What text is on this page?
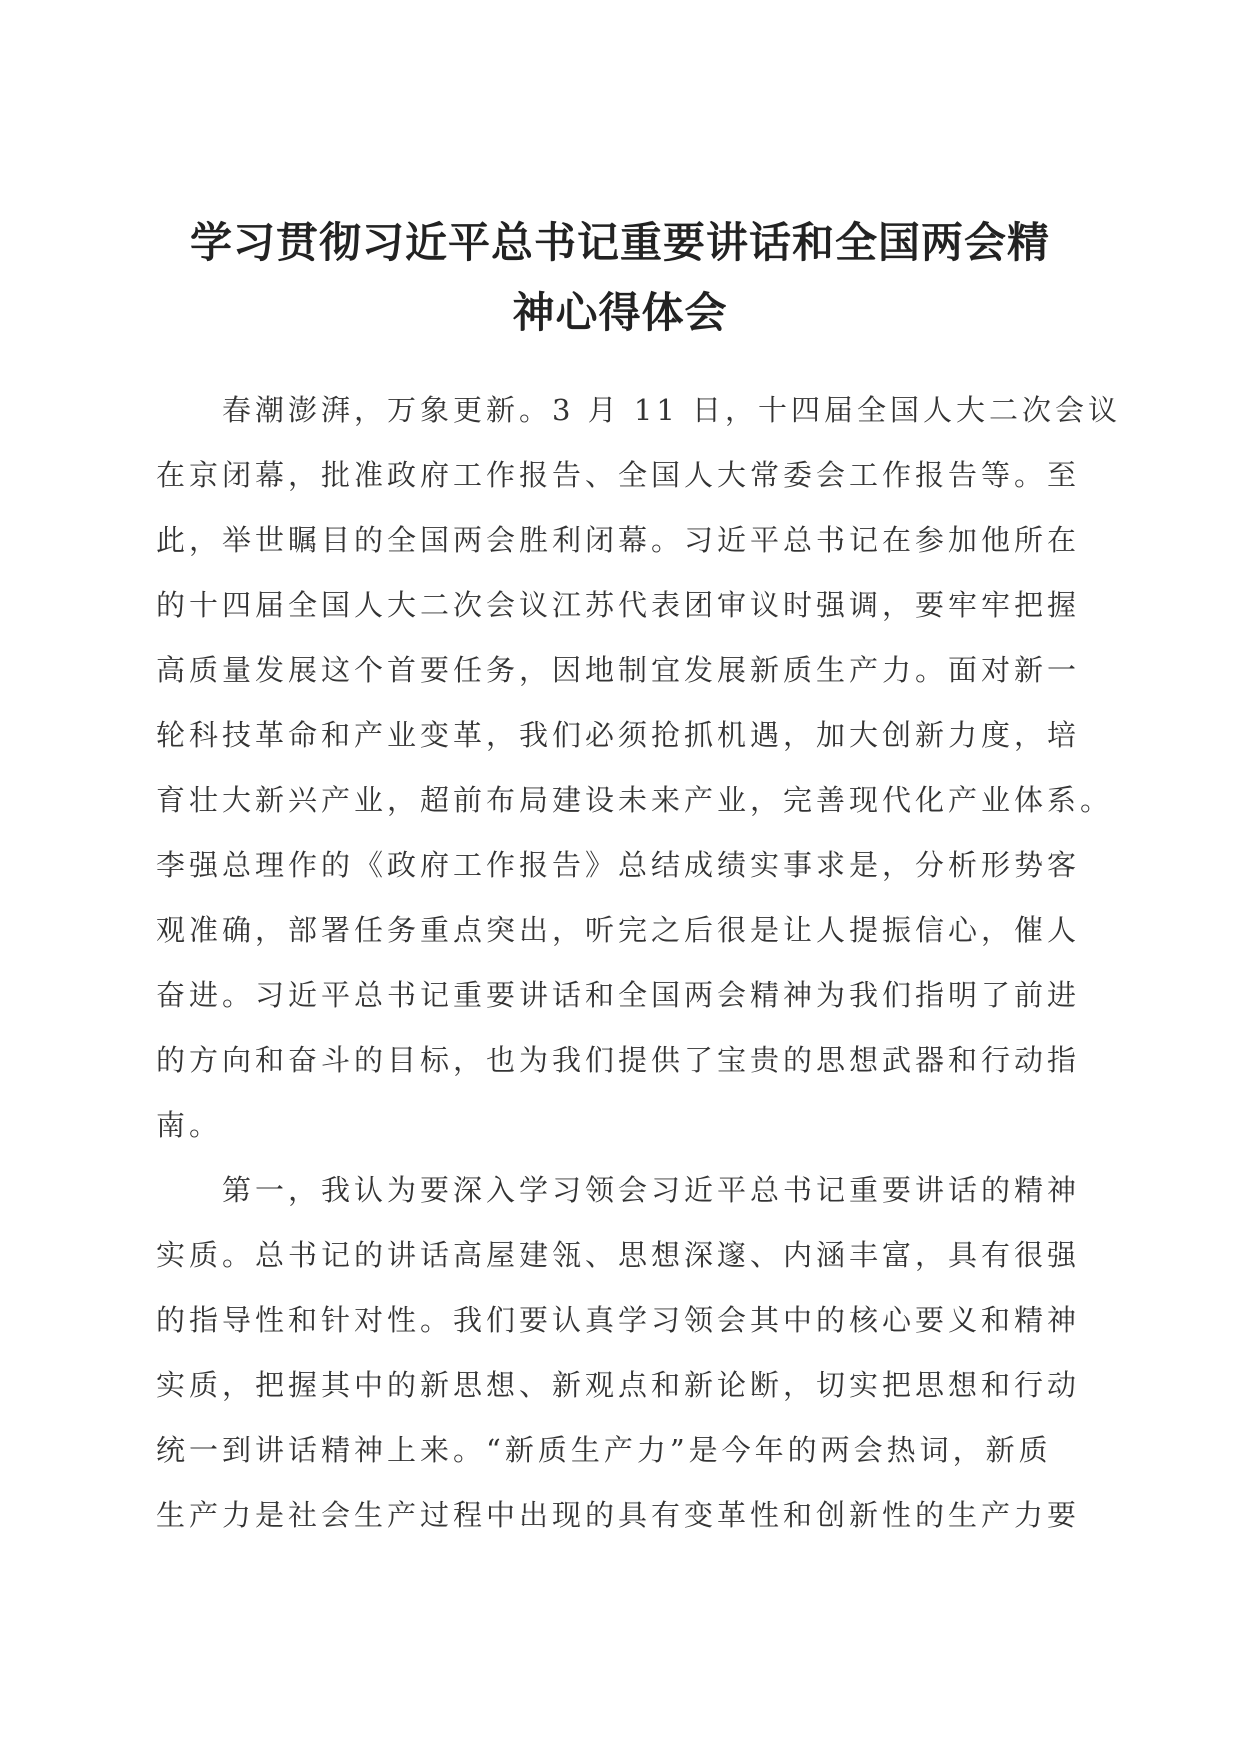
学习贯彻习近平总书记重要讲话和全国两会精
神心得体会
　　春潮澎湃，万象更新。3 月 11 日，十四届全国人大二次会议
在京闭幕，批准政府工作报告、全国人大常委会工作报告等。至
此，举世瞩目的全国两会胜利闭幕。习近平总书记在参加他所在
的十四届全国人大二次会议江苏代表团审议时强调，要牢牢把握
高质量发展这个首要任务，因地制宜发展新质生产力。面对新一
轮科技革命和产业变革，我们必须抢抓机遇，加大创新力度，培
育壮大新兴产业，超前布局建设未来产业，完善现代化产业体系。
李强总理作的《政府工作报告》总结成绩实事求是，分析形势客
观准确，部署任务重点突出，听完之后很是让人提振信心，催人
奋进。习近平总书记重要讲话和全国两会精神为我们指明了前进
的方向和奋斗的目标，也为我们提供了宝贵的思想武器和行动指
南。
　　第一，我认为要深入学习领会习近平总书记重要讲话的精神
实质。总书记的讲话高屋建瓴、思想深邃、内涵丰富，具有很强
的指导性和针对性。我们要认真学习领会其中的核心要义和精神
实质，把握其中的新思想、新观点和新论断，切实把思想和行动
统一到讲话精神上来。“新质生产力”是今年的两会热词，新质
生产力是社会生产过程中出现的具有变革性和创新性的生产力要
